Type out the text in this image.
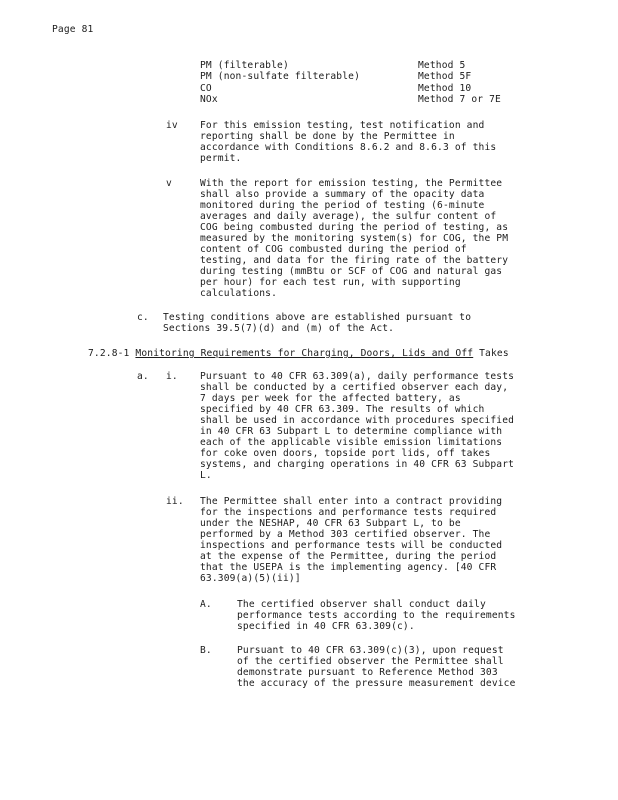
Page 81
PM (filterable)	Method 5
PM (non-sulfate filterable)	Method 5F
CO	Method 10
NOx	Method 7 or 7E
iv For this emission testing, test notification and
reporting shall be done by the Permittee in
accordance with Conditions 8.6.2 and 8.6.3 of this
permit.
v	With the report for emission testing, the Permittee
shall also provide a summary of the opacity data
monitored during the period of testing (6-minute
averages and daily average), the sulfur content of
COG being combusted during the period of testing, as
measured by the monitoring system(s) for COG, the PM
content of COG combusted during the period of
testing, and data for the firing rate of the battery
during testing (mmBtu or SCF of COG and natural gas
per hour) for each test run, with supporting
calculations.
c. Testing conditions above are established pursuant to
Sections 39.5(7)(d) and (m) of the Act.
7.2.8-1 Monitoring Requirements for Charging, Doors, Lids and Off Takes
a. i. Pursuant to 40 CFR 63.309(a), daily performance tests
shall be conducted by a certified observer each day,
7 days per week for the affected battery, as
specified by 40 CFR 63.309. The results of which
shall be used in accordance with procedures specified
in 40 CFR 63 Subpart L to determine compliance with
each of the applicable visible emission limitations
for coke oven doors, topside port lids, off takes
systems, and charging operations in 40 CFR 63 Subpart
L.
ii. The Permittee shall enter into a contract providing
for the inspections and performance tests required
under the NESHAP, 40 CFR 63 Subpart L, to be
performed by a Method 303 certified observer. The
inspections and performance tests will be conducted
at the expense of the Permittee, during the period
that the USEPA is the implementing agency. [40 CFR
63.309(a)(5)(ii)]
A.	The certified observer shall conduct daily
performance tests according to the requirements
specified in 40 CFR 63.309(c).
B.	Pursuant to 40 CFR 63.309(c)(3), upon request
of the certified observer the Permittee shall
demonstrate pursuant to Reference Method 303
the accuracy of the pressure measurement device
